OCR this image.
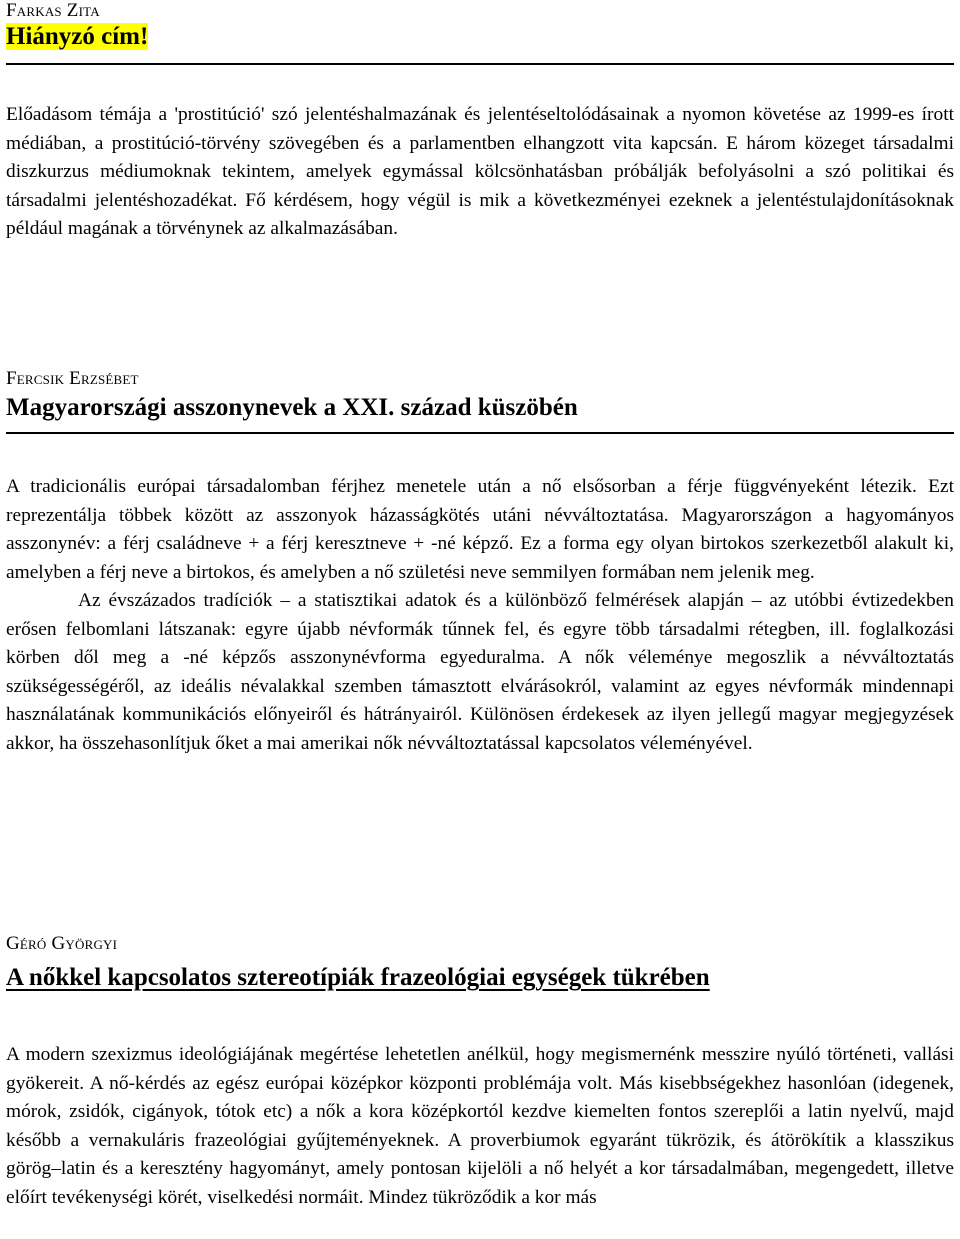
Farkas Zita

Hiányzó cím!

Előadásom témája a 'prostitúció' szó jelentéshalmazának és jelentéseltolódásainak a nyomon követése az 1999-es írott médiában, a prostitúció-törvény szövegében és a parlamentben elhangzott vita kapcsán. E három közeget társadalmi diszkurzus médiumoknak tekintem, amelyek egymással kölcsönhatásban próbálják befolyásolni a szó politikai és társadalmi jelentéshozadékat. Fő kérdésem, hogy végül is mik a következményei ezeknek a jelentéstulajdonításoknak például magának a törvénynek az alkalmazásában.

Fercsik Erzsébet

Magyarországi asszonynevek a XXI. század küszöbén

A tradicionális európai társadalomban férjhez menetele után a nő elsősorban a férje függvényeként létezik. Ezt reprezentálja többek között az asszonyok házasságkötés utáni névváltoztatása. Magyarországon a hagyományos asszonynév: a férj családneve + a férj keresztneve + -né képző. Ez a forma egy olyan birtokos szerkezetből alakult ki, amelyben a férj neve a birtokos, és amelyben a nő születési neve semmilyen formában nem jelenik meg.

Az évszázados tradíciók – a statisztikai adatok és a különböző felmérések alapján – az utóbbi évtizedekben erősen felbomlani látszanak: egyre újabb névformák tűnnek fel, és egyre több társadalmi rétegben, ill. foglalkozási körben dől meg a -né képzős asszonynévforma egyeduralma. A nők véleménye megoszlik a névváltoztatás szükségességéről, az ideális névalakkal szemben támasztott elvárásokról, valamint az egyes névformák mindennapi használatának kommunikációs előnyeiről és hátrányairól. Különösen érdekesek az ilyen jellegű magyar megjegyzések akkor, ha összehasonlítjuk őket a mai amerikai nők névváltoztatással kapcsolatos véleményével.

Géró Györgyi

A nőkkel kapcsolatos sztereotípiák frazeológiai egységek tükrében

A modern szexizmus ideológiájának megértése lehetetlen anélkül, hogy megismernénk messzire nyúló történeti, vallási gyökereit. A nő-kérdés az egész európai középkor központi problémája volt. Más kisebbségekhez hasonlóan (idegenek, mórok, zsidók, cigányok, tótok etc) a nők a kora középkortól kezdve kiemelten fontos szereplői a latin nyelvű, majd később a vernakuláris frazeológiai gyűjteményeknek. A proverbiumok egyaránt tükrözik, és átörökítik a klasszikus görög–latin és a keresztény hagyományt, amely pontosan kijelöli a nő helyét a kor társadalmában, megengedett, illetve előírt tevékenységi körét, viselkedési normáit. Mindez tükröződik a kor más
